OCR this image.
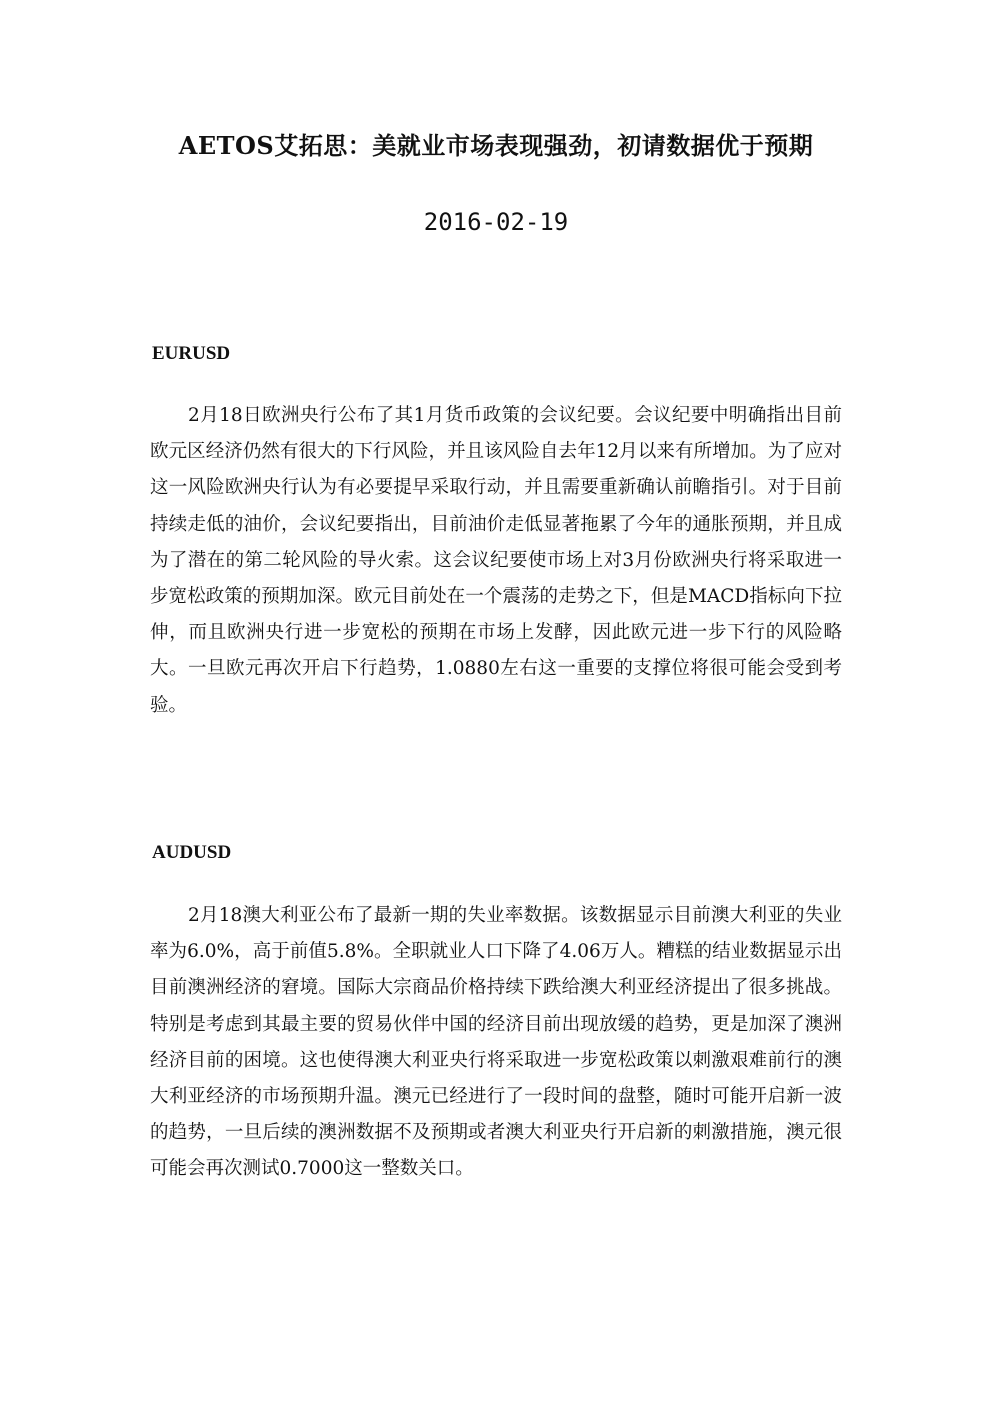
AETOS艾拓思：美就业市场表现强劲，初请数据优于预期
2016-02-19
EURUSD

2月18日欧洲央行公布了其1月货币政策的会议纪要。会议纪要中明确指出目前欧元区经济仍然有很大的下行风险，并且该风险自去年12月以来有所增加。为了应对这一风险欧洲央行认为有必要提早采取行动，并且需要重新确认前瞻指引。对于目前持续走低的油价，会议纪要指出，目前油价走低显著拖累了今年的通胀预期，并且成为了潜在的第二轮风险的导火索。这会议纪要使市场上对3月份欧洲央行将采取进一步宽松政策的预期加深。欧元目前处在一个震荡的走势之下，但是MACD指标向下拉伸，而且欧洲央行进一步宽松的预期在市场上发酵，因此欧元进一步下行的风险略大。一旦欧元再次开启下行趋势，1.0880左右这一重要的支撑位将很可能会受到考验。

AUDUSD

2月18澳大利亚公布了最新一期的失业率数据。该数据显示目前澳大利亚的失业率为6.0%，高于前值5.8%。全职就业人口下降了4.06万人。糟糕的结业数据显示出目前澳洲经济的窘境。国际大宗商品价格持续下跌给澳大利亚经济提出了很多挑战。特别是考虑到其最主要的贸易伙伴中国的经济目前出现放缓的趋势，更是加深了澳洲经济目前的困境。这也使得澳大利亚央行将采取进一步宽松政策以刺激艰难前行的澳大利亚经济的市场预期升温。澳元已经进行了一段时间的盘整，随时可能开启新一波的趋势，一旦后续的澳洲数据不及预期或者澳大利亚央行开启新的刺激措施，澳元很可能会再次测试0.7000这一整数关口。
